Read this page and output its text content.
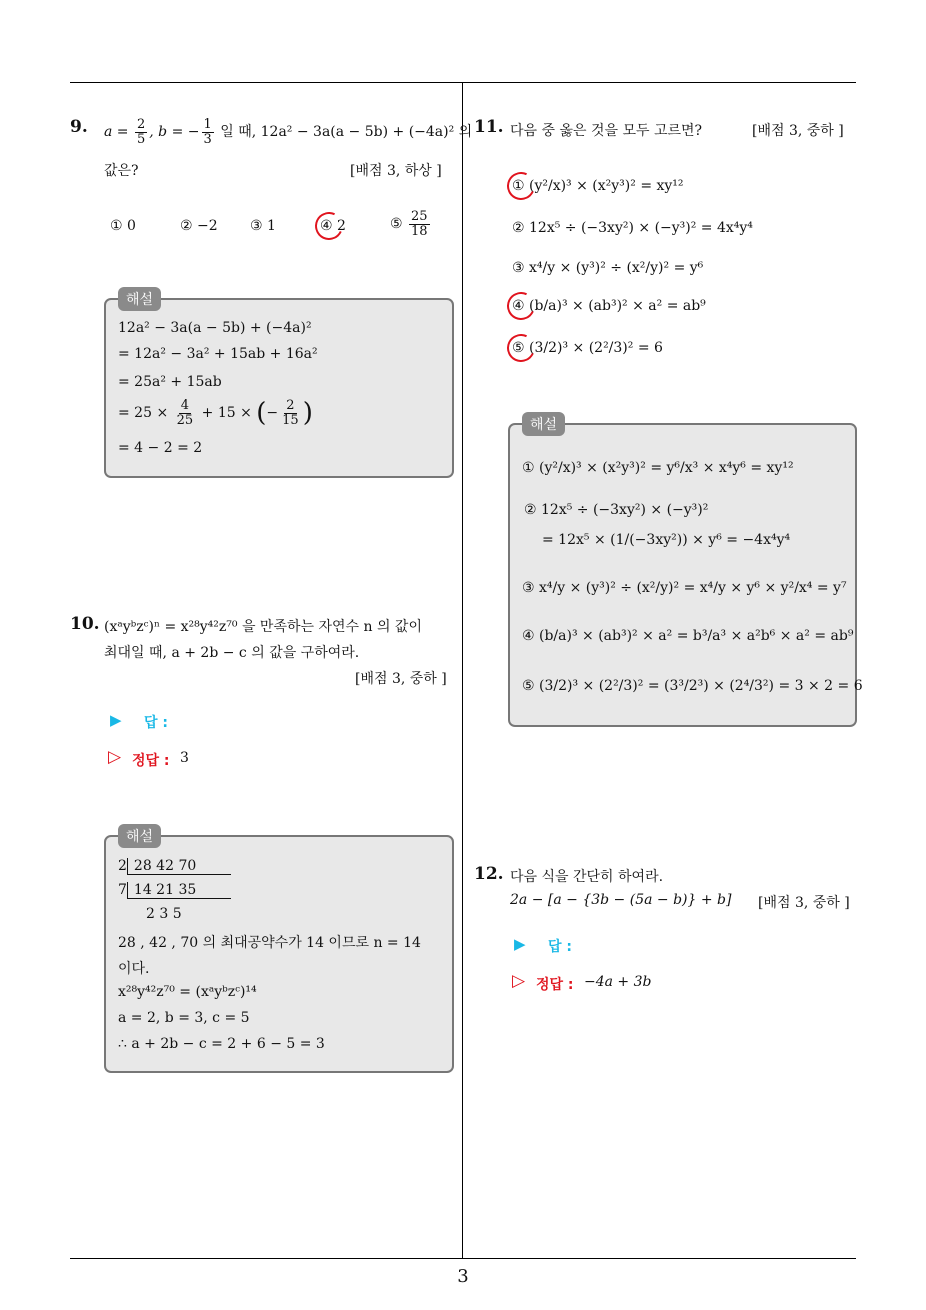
3
9. $a = \frac{2}{5}$ , b = − $\frac{1}{3}$ 일 때, 12a² − 3a(a − 5b) + (−4a)² 의
값은?	[배점 3, 하상 ]
① 0	② −2 ③ 1	④ 2	⑤ $\frac{25}{18}$
해설
12a² − 3a(a − 5b) + (−4a)²
= 12a² − 3a² + 15ab + 16a²
= 25a² + 15ab
= $25 \times \frac{4}{25} + 15$ × (− $\frac{2}{15}$ )
= 4 − 2 = 2
10. (xᵃyᵇzᶜ)ⁿ = x²⁸y⁴²z⁷⁰ 을 만족하는 자연수 n 의 값이
최대일 때, a + 2b − c 의 값을 구하여라.
[배점 3, 중하 ]
▶ 답 :
▷ 정답 : 3
해설
2 28 42 70
7 14 21 35
2 3 5
28 , 42 , 70 의 최대공약수가 14 이므로 n = 14
이다.
x²⁸y⁴²z⁷⁰ = (xᵃyᵇzᶜ)¹⁴
a = 2, b = 3, c = 5
∴ a + 2b − c = 2 + 6 − 5 = 3
11. 다음 중 옳은 것을 모두 고르면?	[배점 3, 중하 ]
① (y²/x)³ × (x²y³)² = xy¹²
② 12x⁵ ÷ (−3xy²) × (−y³)² = 4x⁴y⁴
③ x⁴/y × (y³)² ÷ (x²/y)² = y⁶
④ (b/a)³ × (ab³)² × a² = ab⁹
⑤ (3/2)³ × (2²/3)² = 6
해설
① (y²/x)³ × (x²y³)² = y⁶/x³ × x⁴y⁶ = xy¹²
② 12x⁵ ÷ (−3xy²) × (−y³)²
= 12x⁵ × (1/(−3xy²)) × y⁶ = −4x⁴y⁴
③ x⁴/y × (y³)² ÷ (x²/y)² = x⁴/y × y⁶ × y²/x⁴ = y⁷
④ (b/a)³ × (ab³)² × a² = b³/a³ × a²b⁶ × a² = ab⁹
⑤ (3/2)³ × (2²/3)² = (3³/2³) × (2⁴/3²) = 3 × 2 = 6
12. 다음 식을 간단히 하여라.
2a − [a − {3b − (5a − b)} + b] [배점 3, 중하 ]
▶ 답 :
▷ 정답 : −4a + 3b
